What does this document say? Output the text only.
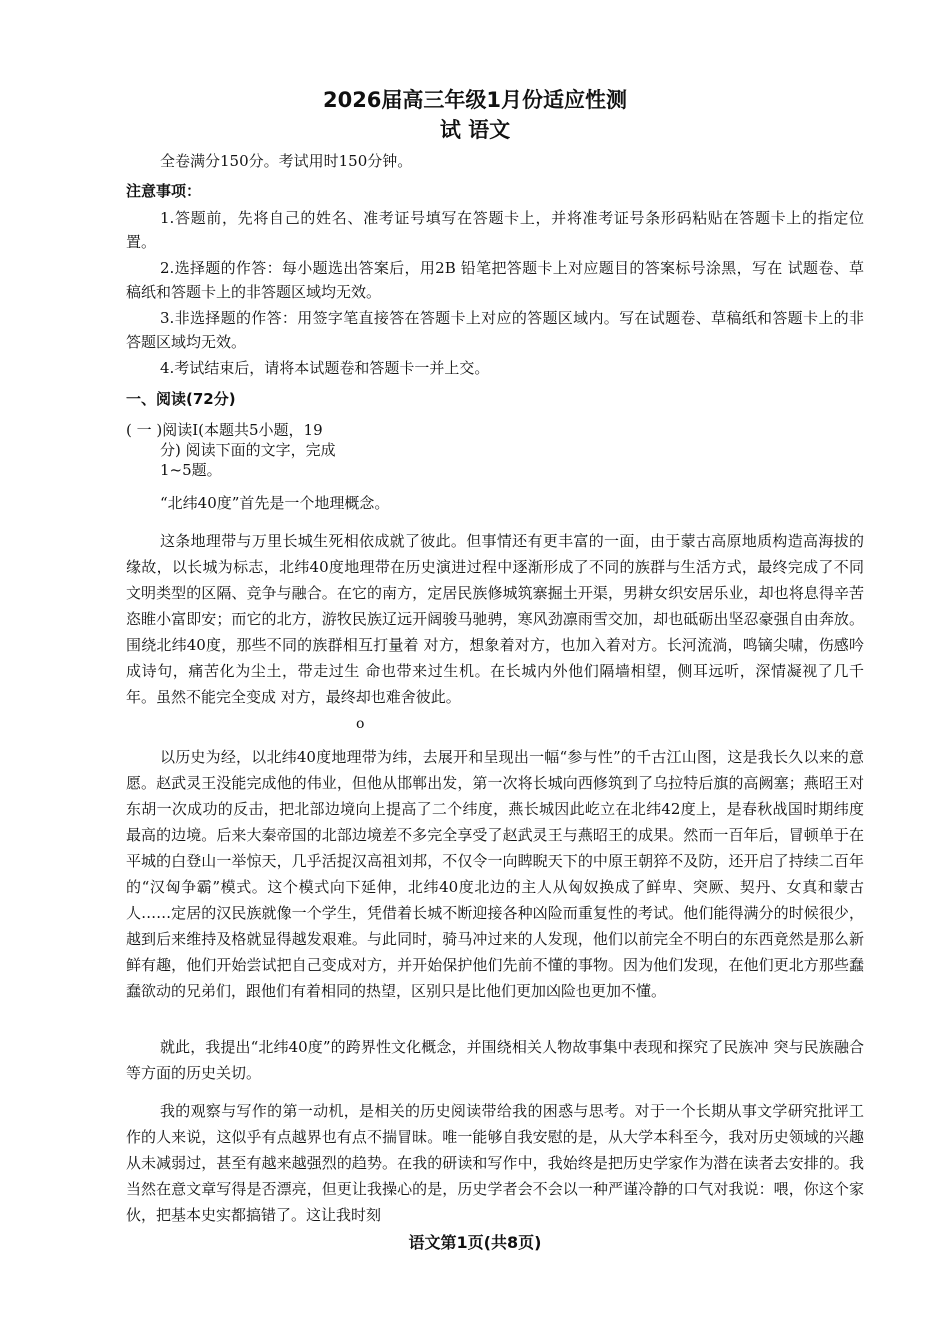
2026届高三年级1月份适应性测
试 语文
全卷满分150分。考试用时150分钟。
注意事项：

1.答题前，先将自己的姓名、准考证号填写在答题卡上，并将准考证号条形码粘贴在答题卡上的指定位置。

2.选择题的作答：每小题选出答案后，用2B 铅笔把答题卡上对应题目的答案标号涂黑，写在 试题卷、草稿纸和答题卡上的非答题区域均无效。

3.非选择题的作答：用签字笔直接答在答题卡上对应的答题区域内。写在试题卷、草稿纸和答题卡上的非答题区域均无效。

4.考试结束后，请将本试题卷和答题卡一并上交。

一、阅读(72分)
( 一 )阅读Ⅰ(本题共5小题，19
分) 阅读下面的文字，完成
1~5题。

“北纬40度”首先是一个地理概念。

这条地理带与万里长城生死相依成就了彼此。但事情还有更丰富的一面，由于蒙古高原地质构造高海拔的缘故，以长城为标志，北纬40度地理带在历史演进过程中逐渐形成了不同的族群与生活方式，最终完成了不同文明类型的区隔、竞争与融合。在它的南方，定居民族修城筑寨掘土开渠，男耕女织安居乐业，却也将息得辛苦恣睢小富即安；而它的北方，游牧民族辽远开阔骏马驰骋，寒风劲凛雨雪交加，却也砥砺出坚忍豪强自由奔放。围绕北纬40度，那些不同的族群相互打量着 对方，想象着对方，也加入着对方。长河流淌，鸣镝尖啸，伤感吟成诗句，痛苦化为尘土，带走过生 命也带来过生机。在长城内外他们隔墙相望，侧耳远听，深情凝视了几千年。虽然不能完全变成 对方，最终却也难舍彼此。

o

以历史为经，以北纬40度地理带为纬，去展开和呈现出一幅“参与性”的千古江山图，这是我长久以来的意愿。赵武灵王没能完成他的伟业，但他从邯郸出发，第一次将长城向西修筑到了乌拉特后旗的高阙塞；燕昭王对东胡一次成功的反击，把北部边境向上提高了二个纬度，燕长城因此屹立在北纬42度上，是春秋战国时期纬度最高的边境。后来大秦帝国的北部边境差不多完全享受了赵武灵王与燕昭王的成果。然而一百年后，冒顿单于在平城的白登山一举惊天，几乎活捉汉高祖刘邦，不仅令一向睥睨天下的中原王朝猝不及防，还开启了持续二百年的“汉匈争霸”模式。这个模式向下延伸，北纬40度北边的主人从匈奴换成了鲜卑、突厥、契丹、女真和蒙古人……定居的汉民族就像一个学生，凭借着长城不断迎接各种凶险而重复性的考试。他们能得满分的时候很少，越到后来维持及格就显得越发艰难。与此同时，骑马冲过来的人发现，他们以前完全不明白的东西竟然是那么新鲜有趣，他们开始尝试把自己变成对方，并开始保护他们先前不懂的事物。因为他们发现，在他们更北方那些蠢蠢欲动的兄弟们，跟他们有着相同的热望，区别只是比他们更加凶险也更加不懂。

就此，我提出“北纬40度”的跨界性文化概念，并围绕相关人物故事集中表现和探究了民族冲 突与民族融合等方面的历史关切。

我的观察与写作的第一动机，是相关的历史阅读带给我的困惑与思考。对于一个长期从事文学研究批评工作的人来说，这似乎有点越界也有点不揣冒昧。唯一能够自我安慰的是，从大学本科至今，我对历史领域的兴趣从未减弱过，甚至有越来越强烈的趋势。在我的研读和写作中，我始终是把历史学家作为潜在读者去安排的。我当然在意文章写得是否漂亮，但更让我操心的是，历史学者会不会以一种严谨冷静的口气对我说：喂，你这个家伙，把基本史实都搞错了。这让我时刻

语文第1页(共8页)
